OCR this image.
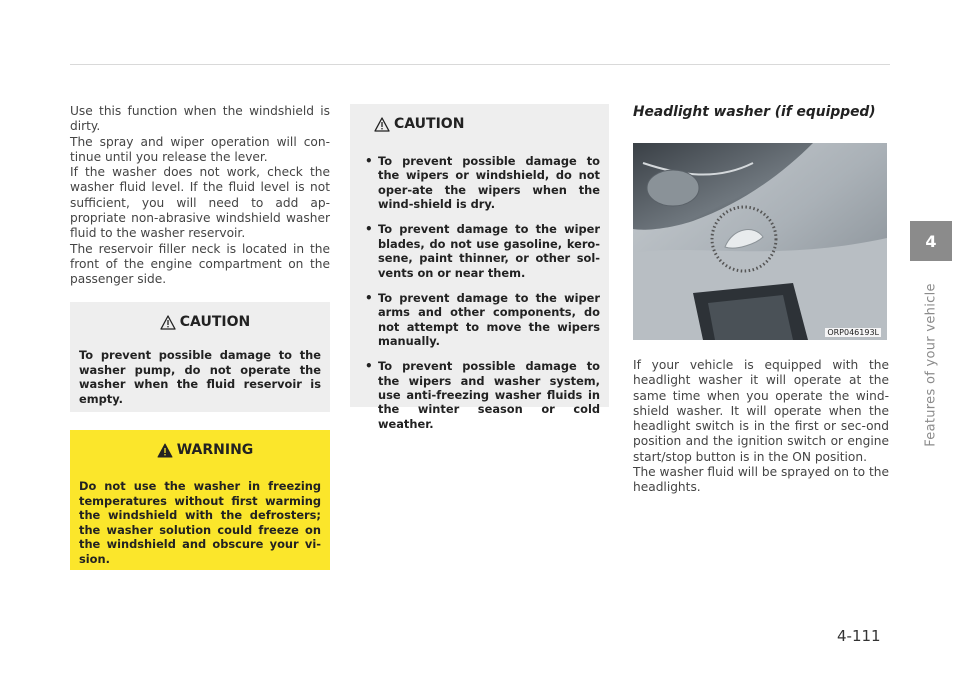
Use this function when the windshield is dirty.

The spray and wiper operation will con-tinue until you release the lever.

If the washer does not work, check the washer fluid level. If the fluid level is not sufficient, you will need to add ap-propriate non-abrasive windshield washer fluid to the washer reservoir.

The reservoir filler neck is located in the front of the engine compartment on the passenger side.

CAUTION
To prevent possible damage to the washer pump, do not operate the washer when the fluid reservoir is empty.
WARNING
Do not use the washer in freezing temperatures without first warming the windshield with the defrosters; the washer solution could freeze on the windshield and obscure your vi-sion.
CAUTION
• To prevent possible damage to the wipers or windshield, do not oper-ate the wipers when the wind-shield is dry.
• To prevent damage to the wiper blades, do not use gasoline, kero-sene, paint thinner, or other sol-vents on or near them.
• To prevent damage to the wiper arms and other components, do not attempt to move the wipers manually.
• To prevent possible damage to the wipers and washer system, use anti-freezing washer fluids in the winter season or cold weather.
Headlight washer (if equipped)
ORP046193L

If your vehicle is equipped with the headlight washer it will operate at the same time when you operate the wind-shield washer. It will operate when the headlight switch is in the first or sec-ond position and the ignition switch or engine start/stop button is in the ON position.

The washer fluid will be sprayed on to the headlights.

4
Features of your vehicle
4-111
